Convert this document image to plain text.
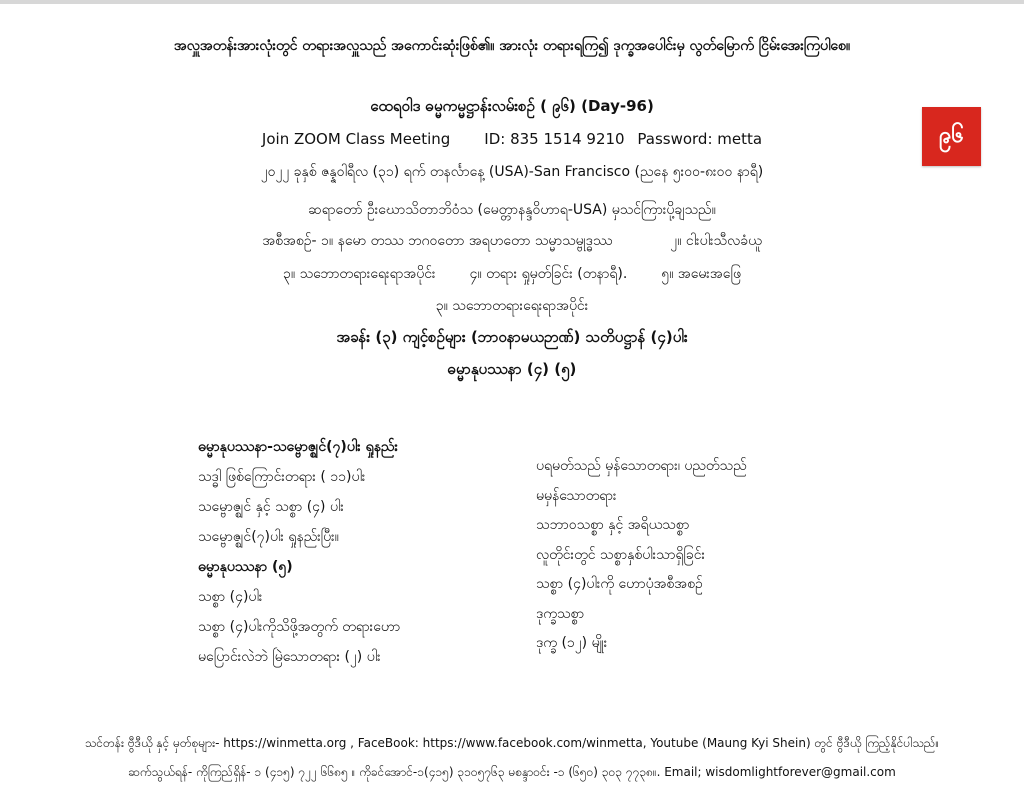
အလှူအတန်းအားလုံးတွင် တရားအလှူသည် အကောင်းဆုံးဖြစ်၏။ အားလုံး တရားရကြ၍ ဒုက္ခအပေါင်းမှ လွတ်မြောက် ငြိမ်းအေးကြပါစေ။
ထေရဝါဒ ဓမ္မကမ္မဋ္ဌာန်းလမ်းစဉ် ( ၉၆) (Day-96)
Join ZOOM Class Meeting ID: 835 1514 9210 Password: metta
၂၀၂၂ ခုနှစ် ဇန္နဝါရီလ (၃၁) ရက် တနင်္လာနေ့ (USA)-San Francisco (ညနေ ၅း၀၀-၈း၀၀ နာရီ)
ဆရာတော် ဦးဃောသိတာဘိဝံသ (မေတ္တာနန္ဒဝိဟာရ-USA) မှသင်ကြားပို့ချသည်။
အစီအစဉ်- ၁။ နမော တဿ ဘဂဝတော အရဟတော သမ္မာသမ္ဗုဒ္ဓဿ	၂။ ငါးပါးသီလခံယူ
၃။ သဘောတရားရေးရာအပိုင်း ၄။ တရား ရှုမှတ်ခြင်း (တနာရီ). ၅။ အမေးအဖြေ
၃။ သဘောတရားရေးရာအပိုင်း
အခန်း (၃) ကျင့်စဉ်များ (ဘာဝနာမယဉာဏ်) သတိပဋ္ဌာန် (၄)ပါး
ဓမ္မာနုပဿနာ (၄) (၅)
၉၆
ဓမ္မာနုပဿနာ-သမ္ဗောဇ္ဈင်(၇)ပါး ရှုနည်း
သဒ္ဓါ ဖြစ်ကြောင်းတရား ( ၁၁)ပါး
သမ္ဗောဇ္ဈင် နှင့် သစ္စာ (၄) ပါး
သမ္ဗောဇ္ဈင်(၇)ပါး ရှုနည်းပြီး။
ဓမ္မာနုပဿနာ (၅)
သစ္စာ (၄)ပါး
သစ္စာ (၄)ပါးကိုသိဖို့အတွက် တရားဟော
မပြောင်းလဲဘဲ မြဲသောတရား (၂) ပါး
ပရမတ်သည် မှန်သောတရား၊ ပညတ်သည်
မမှန်သောတရား
သဘာဝသစ္စာ နှင့် အရိယသစ္စာ
လူတိုင်းတွင် သစ္စာနှစ်ပါးသာရှိခြင်း
သစ္စာ (၄)ပါးကို ဟောပုံအစီအစဉ်
ဒုက္ခသစ္စာ
ဒုက္ခ (၁၂) မျိုး
သင်တန်း ဗွီဒီယို နှင့် မှတ်စုများ- https://winmetta.org , FaceBook: https://www.facebook.com/winmetta, Youtube (Maung Kyi Shein) တွင် ဗွီဒီယို ကြည့်နိုင်ပါသည်။
ဆက်သွယ်ရန်- ကိုကြည်ရှိန်- ၁ (၄၁၅) ၇၂၂ ၆၆၈၅ ။ ကိုခင်အောင်-၁(၄၁၅) ၃၁၀၅၇၆၃ မစန္ဒာဝင်း -၁ (၆၅၀) ၃၀၃ ၇၇၃၈။. Email; wisdomlightforever@gmail.com
